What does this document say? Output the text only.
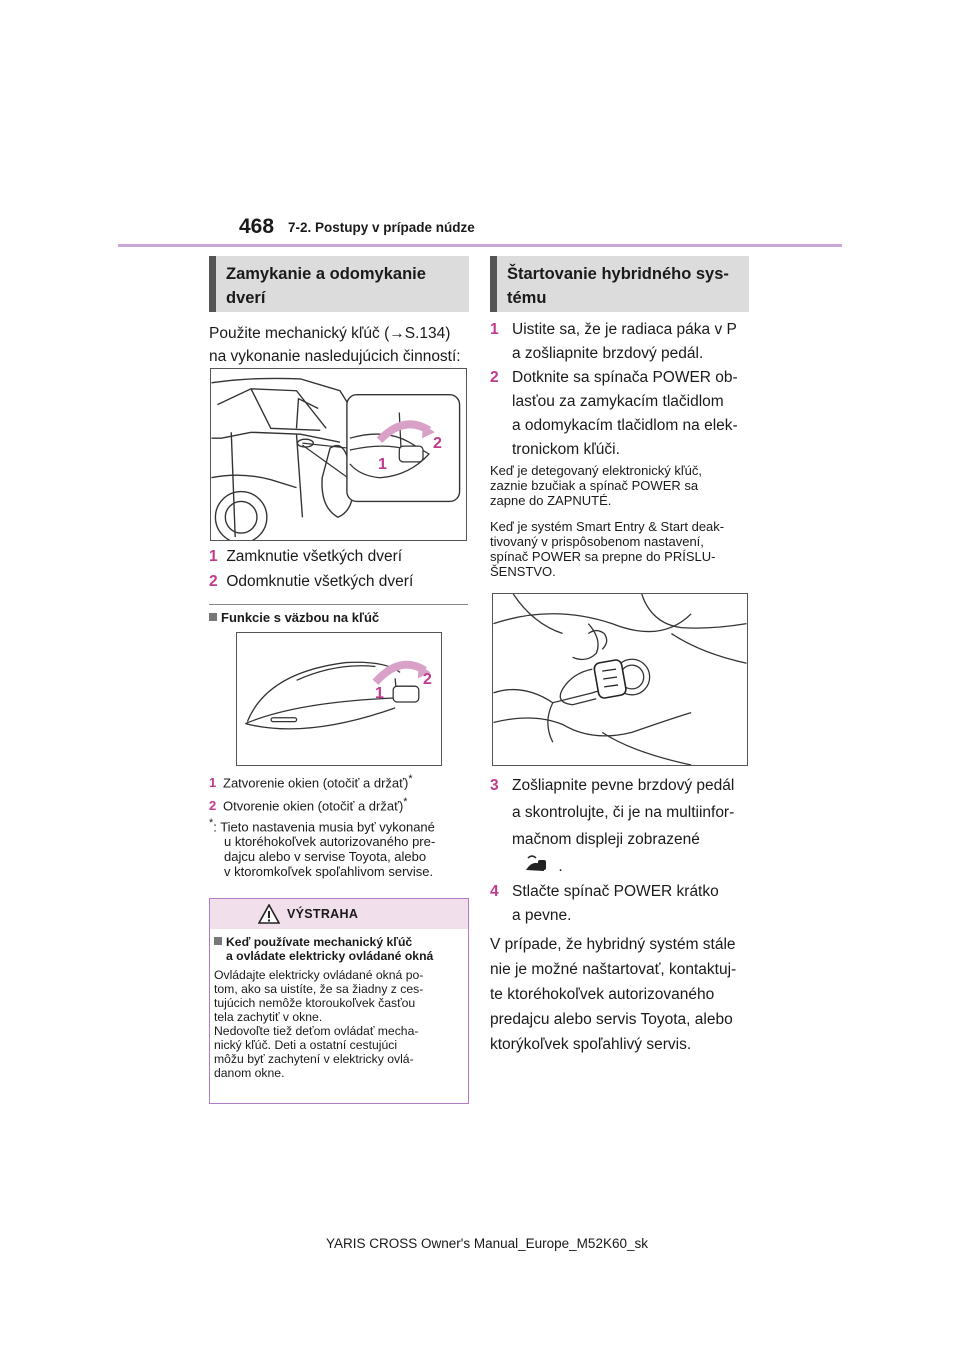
468 7-2. Postupy v prípade núdze
Zamykanie a odomykanie
dverí
Použite mechanický kľúč (→S.134)
na vykonanie nasledujúcich činností:
1
2
1 Zamknutie všetkých dverí
2 Odomknutie všetkých dverí
Funkcie s väzbou na kľúč
1
2
1 Zatvorenie okien (otočiť a držať)*
2 Otvorenie okien (otočiť a držať)*
*: Tieto nastavenia musia byť vykonané
u ktoréhokoľvek autorizovaného pre-
dajcu alebo v servise Toyota, alebo
v ktoromkoľvek spoľahlivom servise.
VÝSTRAHA
Keď používate mechanický kľúč
a ovládate elektricky ovládané okná
Ovládajte elektricky ovládané okná po-
tom, ako sa uistíte, že sa žiadny z ces-
tujúcich nemôže ktoroukoľvek časťou
tela zachytiť v okne.
Nedovoľte tiež deťom ovládať mecha-
nický kľúč. Deti a ostatní cestujúci
môžu byť zachytení v elektricky ovlá-
danom okne.
Štartovanie hybridného sys-
tému
1 Uistite sa, že je radiaca páka v P
a zošliapnite brzdový pedál.
2 Dotknite sa spínača POWER ob-
lasťou za zamykacím tlačidlom
a odomykacím tlačidlom na elek-
tronickom kľúči.
Keď je detegovaný elektronický kľúč,
zaznie bzučiak a spínač POWER sa
zapne do ZAPNUTÉ.
Keď je systém Smart Entry & Start deak-
tivovaný v prispôsobenom nastavení,
spínač POWER sa prepne do PRÍSLU-
ŠENSTVO.
3 Zošliapnite pevne brzdový pedál
a skontrolujte, či je na multiinfor-
mačnom displeji zobrazené
.
4 Stlačte spínač POWER krátko
a pevne.
V prípade, že hybridný systém stále
nie je možné naštartovať, kontaktuj-
te ktoréhokoľvek autorizovaného
predajcu alebo servis Toyota, alebo
ktorýkoľvek spoľahlivý servis.
YARIS CROSS Owner's Manual_Europe_M52K60_sk
